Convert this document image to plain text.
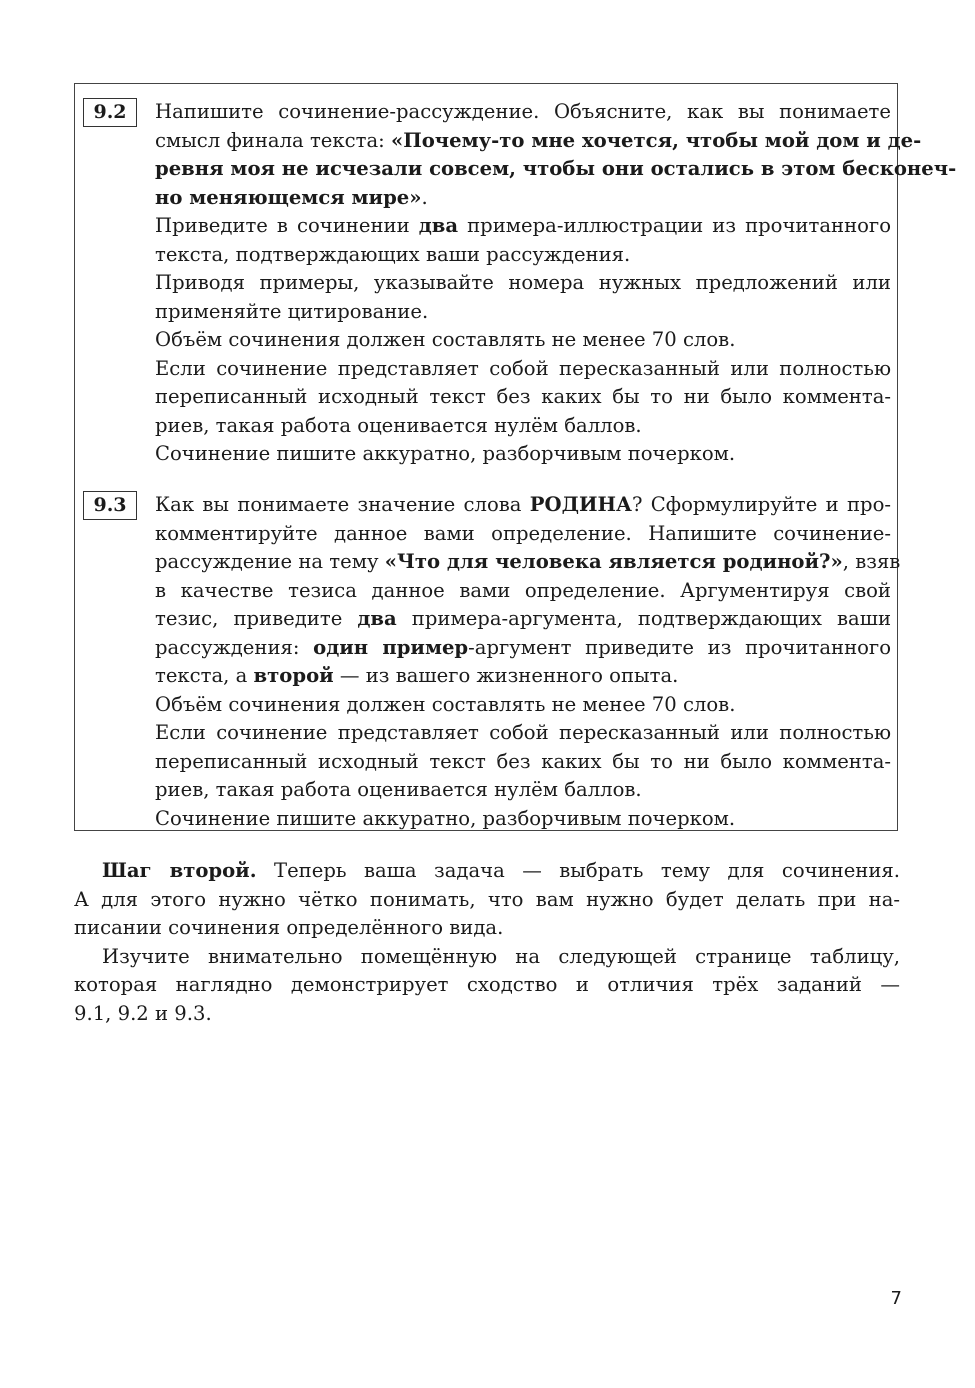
9.2	Напишите сочинение-рассуждение. Объясните, как вы понимаете
смысл финала текста: «Почему-то мне хочется, чтобы мой дом и де-
ревня моя не исчезали совсем, чтобы они остались в этом бесконеч-
но меняющемся мире».
Приведите в сочинении два примера-иллюстрации из прочитанного
текста, подтверждающих ваши рассуждения.
Приводя примеры, указывайте номера нужных предложений или
применяйте цитирование.
Объём сочинения должен составлять не менее 70 слов.
Если сочинение представляет собой пересказанный или полностью
переписанный исходный текст без каких бы то ни было коммента-
риев, такая работа оценивается нулём баллов.
Сочинение пишите аккуратно, разборчивым почерком.
9.3	Как вы понимаете значение слова РОДИНА? Сформулируйте и про-
комментируйте данное вами определение. Напишите сочинение-
рассуждение на тему «Что для человека является родиной?», взяв
в качестве тезиса данное вами определение. Аргументируя свой
тезис, приведите два примера-аргумента, подтверждающих ваши
рассуждения: один пример-аргумент приведите из прочитанного
текста, а второй — из вашего жизненного опыта.
Объём сочинения должен составлять не менее 70 слов.
Если сочинение представляет собой пересказанный или полностью
переписанный исходный текст без каких бы то ни было коммента-
риев, такая работа оценивается нулём баллов.
Сочинение пишите аккуратно, разборчивым почерком.
Шаг второй. Теперь ваша задача — выбрать тему для сочинения.
А для этого нужно чётко понимать, что вам нужно будет делать при на-
писании сочинения определённого вида.
Изучите внимательно помещённую на следующей странице таблицу,
которая наглядно демонстрирует сходство и отличия трёх заданий —
9.1, 9.2 и 9.3.
7
